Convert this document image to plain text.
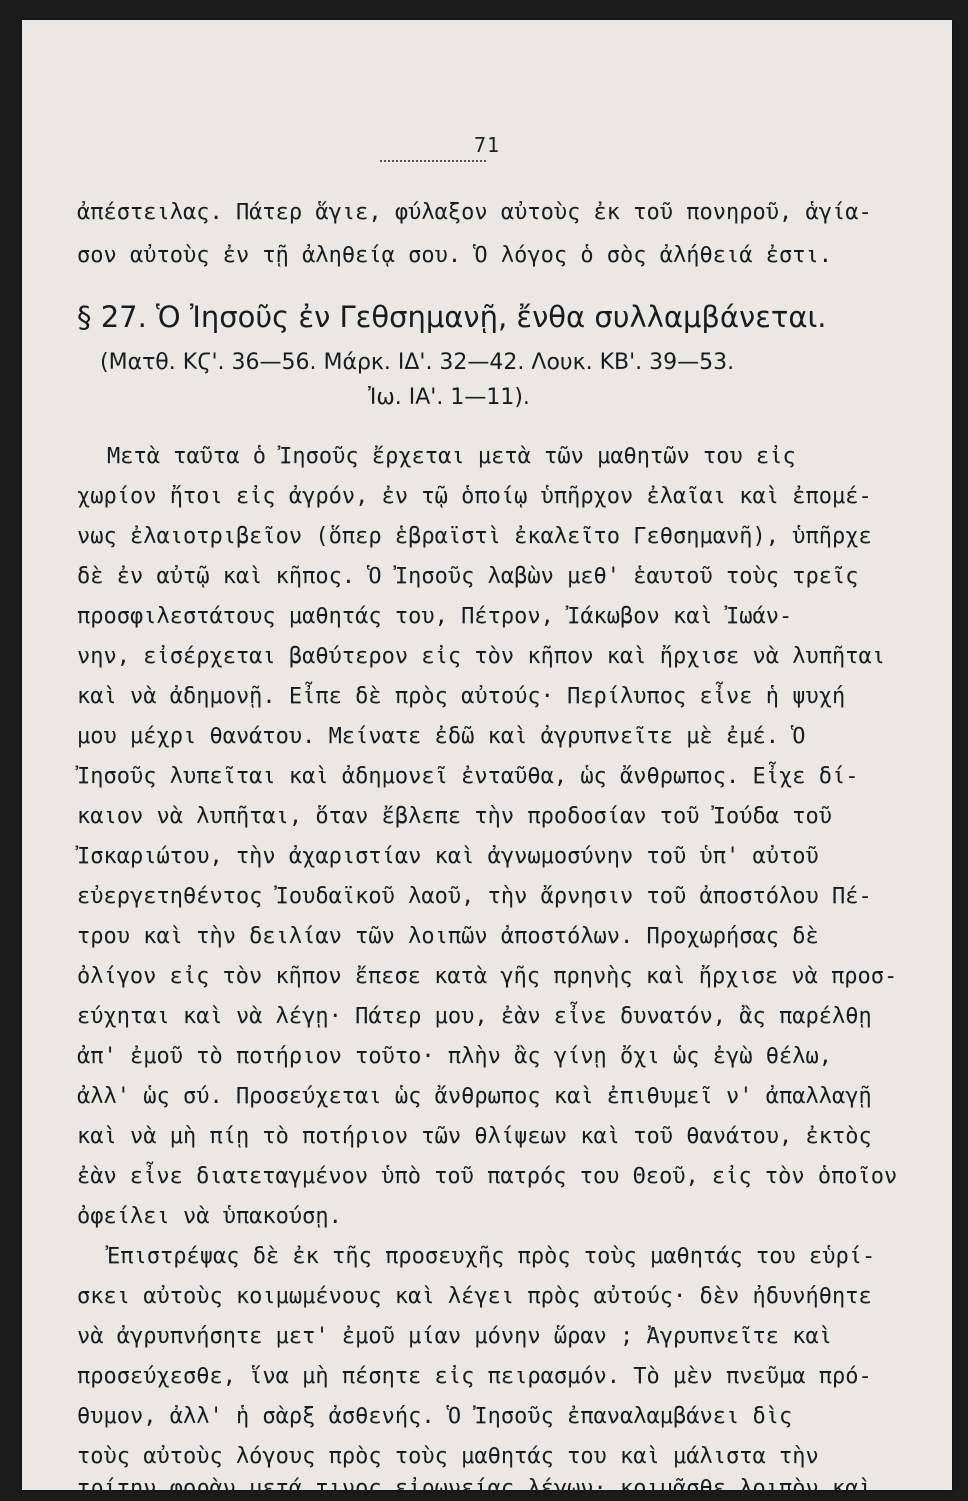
71
ἀπέστειλας. Πάτερ ἅγιε, φύλαξον αὐτοὺς ἐκ τοῦ πονηροῦ, ἁγία-
σον αὐτοὺς ἐν τῇ ἀληθείᾳ σου. Ὁ λόγος ὁ σὸς ἀλήθειά ἐστι.
§ 27. Ὁ Ἰησοῦς ἐν Γεθσημανῇ, ἔνθα συλλαμβάνεται.
(Ματθ. ΚϚ'. 36—56. Μάρκ. ΙΔ'. 32—42. Λουκ. ΚΒ'. 39—53.
Ἰω. ΙΑ'. 1—11).
Μετὰ ταῦτα ὁ Ἰησοῦς ἔρχεται μετὰ τῶν μαθητῶν του εἰς
χωρίον ἤτοι εἰς ἀγρόν, ἐν τῷ ὁποίῳ ὑπῆρχον ἐλαῖαι καὶ ἐπομέ-
νως ἐλαιοτριβεῖον (ὅπερ ἑβραϊστὶ ἐκαλεῖτο Γεθσημανῆ), ὑπῆρχε
δὲ ἐν αὐτῷ καὶ κῆπος. Ὁ Ἰησοῦς λαβὼν μεθ' ἑαυτοῦ τοὺς τρεῖς
προσφιλεστάτους μαθητάς του, Πέτρον, Ἰάκωβον καὶ Ἰωάν-
νην, εἰσέρχεται βαθύτερον εἰς τὸν κῆπον καὶ ἤρχισε νὰ λυπῆται
καὶ νὰ ἀδημονῇ. Εἶπε δὲ πρὸς αὐτούς· Περίλυπος εἶνε ἡ ψυχή
μου μέχρι θανάτου. Μείνατε ἐδῶ καὶ ἀγρυπνεῖτε μὲ ἐμέ. Ὁ
Ἰησοῦς λυπεῖται καὶ ἀδημονεῖ ἐνταῦθα, ὡς ἄνθρωπος. Εἶχε δί-
καιον νὰ λυπῆται, ὅταν ἔβλεπε τὴν προδοσίαν τοῦ Ἰούδα τοῦ
Ἰσκαριώτου, τὴν ἀχαριστίαν καὶ ἀγνωμοσύνην τοῦ ὑπ' αὐτοῦ
εὐεργετηθέντος Ἰουδαϊκοῦ λαοῦ, τὴν ἄρνησιν τοῦ ἀποστόλου Πέ-
τρου καὶ τὴν δειλίαν τῶν λοιπῶν ἀποστόλων. Προχωρήσας δὲ
ὀλίγον εἰς τὸν κῆπον ἔπεσε κατὰ γῆς πρηνὴς καὶ ἤρχισε νὰ προσ-
εύχηται καὶ νὰ λέγῃ· Πάτερ μου, ἐὰν εἶνε δυνατόν, ἂς παρέλθῃ
ἀπ' ἐμοῦ τὸ ποτήριον τοῦτο· πλὴν ἂς γίνῃ ὄχι ὡς ἐγὼ θέλω,
ἀλλ' ὡς σύ. Προσεύχεται ὡς ἄνθρωπος καὶ ἐπιθυμεῖ ν' ἀπαλλαγῇ
καὶ νὰ μὴ πίῃ τὸ ποτήριον τῶν θλίψεων καὶ τοῦ θανάτου, ἐκτὸς
ἐὰν εἶνε διατεταγμένον ὑπὸ τοῦ πατρός του Θεοῦ, εἰς τὸν ὁποῖον
ὀφείλει νὰ ὑπακούσῃ.
Ἐπιστρέψας δὲ ἐκ τῆς προσευχῆς πρὸς τοὺς μαθητάς του εὑρί-
σκει αὐτοὺς κοιμωμένους καὶ λέγει πρὸς αὐτούς· δὲν ἠδυνήθητε
νὰ ἀγρυπνήσητε μετ' ἐμοῦ μίαν μόνην ὥραν ; Ἀγρυπνεῖτε καὶ
προσεύχεσθε, ἵνα μὴ πέσητε εἰς πειρασμόν. Τὸ μὲν πνεῦμα πρό-
θυμον, ἀλλ' ἡ σὰρξ ἀσθενής. Ὁ Ἰησοῦς ἐπαναλαμβάνει δὶς
τοὺς αὐτοὺς λόγους πρὸς τοὺς μαθητάς του καὶ μάλιστα τὴν
τρίτην φορὰν μετά τινος εἰρωνείας λέγων· κοιμᾶσθε λοιπὸν καὶ
